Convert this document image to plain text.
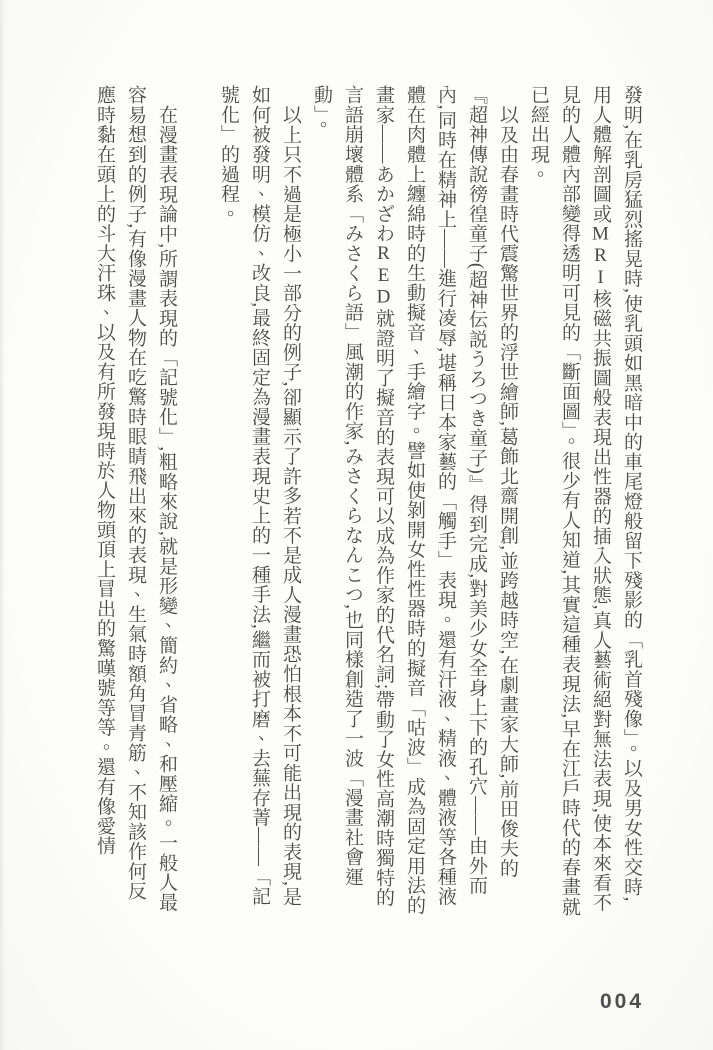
發明,在乳房猛烈搖晃時,使乳頭如黑暗中的車尾燈般留下殘影的「乳首殘像」。以及男女性交時,用人體解剖圖或MRI核磁共振圖般表現出性器的插入狀態,真人藝術絕對無法表現,使本來看不見的人體內部變得透明可見的「斷面圖」。很少有人知道,其實這種表現法,早在江戶時代的春畫就已經出現。

以及由春畫時代震驚世界的浮世繪師,葛飾北齋開創,並跨越時空,在劇畫家大師,前田俊夫的『超神傳說徬徨童子(超神伝説うろつき童子)』得到完成,對美少女全身上下的孔穴——由外而內,同時在精神上——進行凌辱,堪稱日本家藝的「觸手」表現。還有汗液、精液、體液等各種液體在肉體上纏綿時的生動擬音、手繪字。譬如使剝開女性性器時的擬音「咕波」成為固定用法的畫家——あかざわRED就證明了擬音的表現可以成為作家的代名詞;帶動了女性高潮時獨特的言語崩壞體系「みさくら語」風潮的作家,みさくらなんこつ,也同樣創造了一波「漫畫社會運動」。

以上只不過是極小一部分的例子,卻顯示了許多若不是成人漫畫恐怕根本不可能出現的表現,是如何被發明、模仿、改良,最終固定為漫畫表現史上的一種手法,繼而被打磨、去蕪存菁——「記號化」的過程。

在漫畫表現論中,所謂表現的「記號化」,粗略來說,就是形變、簡約、省略、和壓縮。一般人最容易想到的例子,有像漫畫人物在吃驚時眼睛飛出來的表現、生氣時額角冒青筋、不知該作何反應時黏在頭上的斗大汗珠、以及有所發現時於人物頭頂上冒出的驚嘆號等等。還有像愛情

004
